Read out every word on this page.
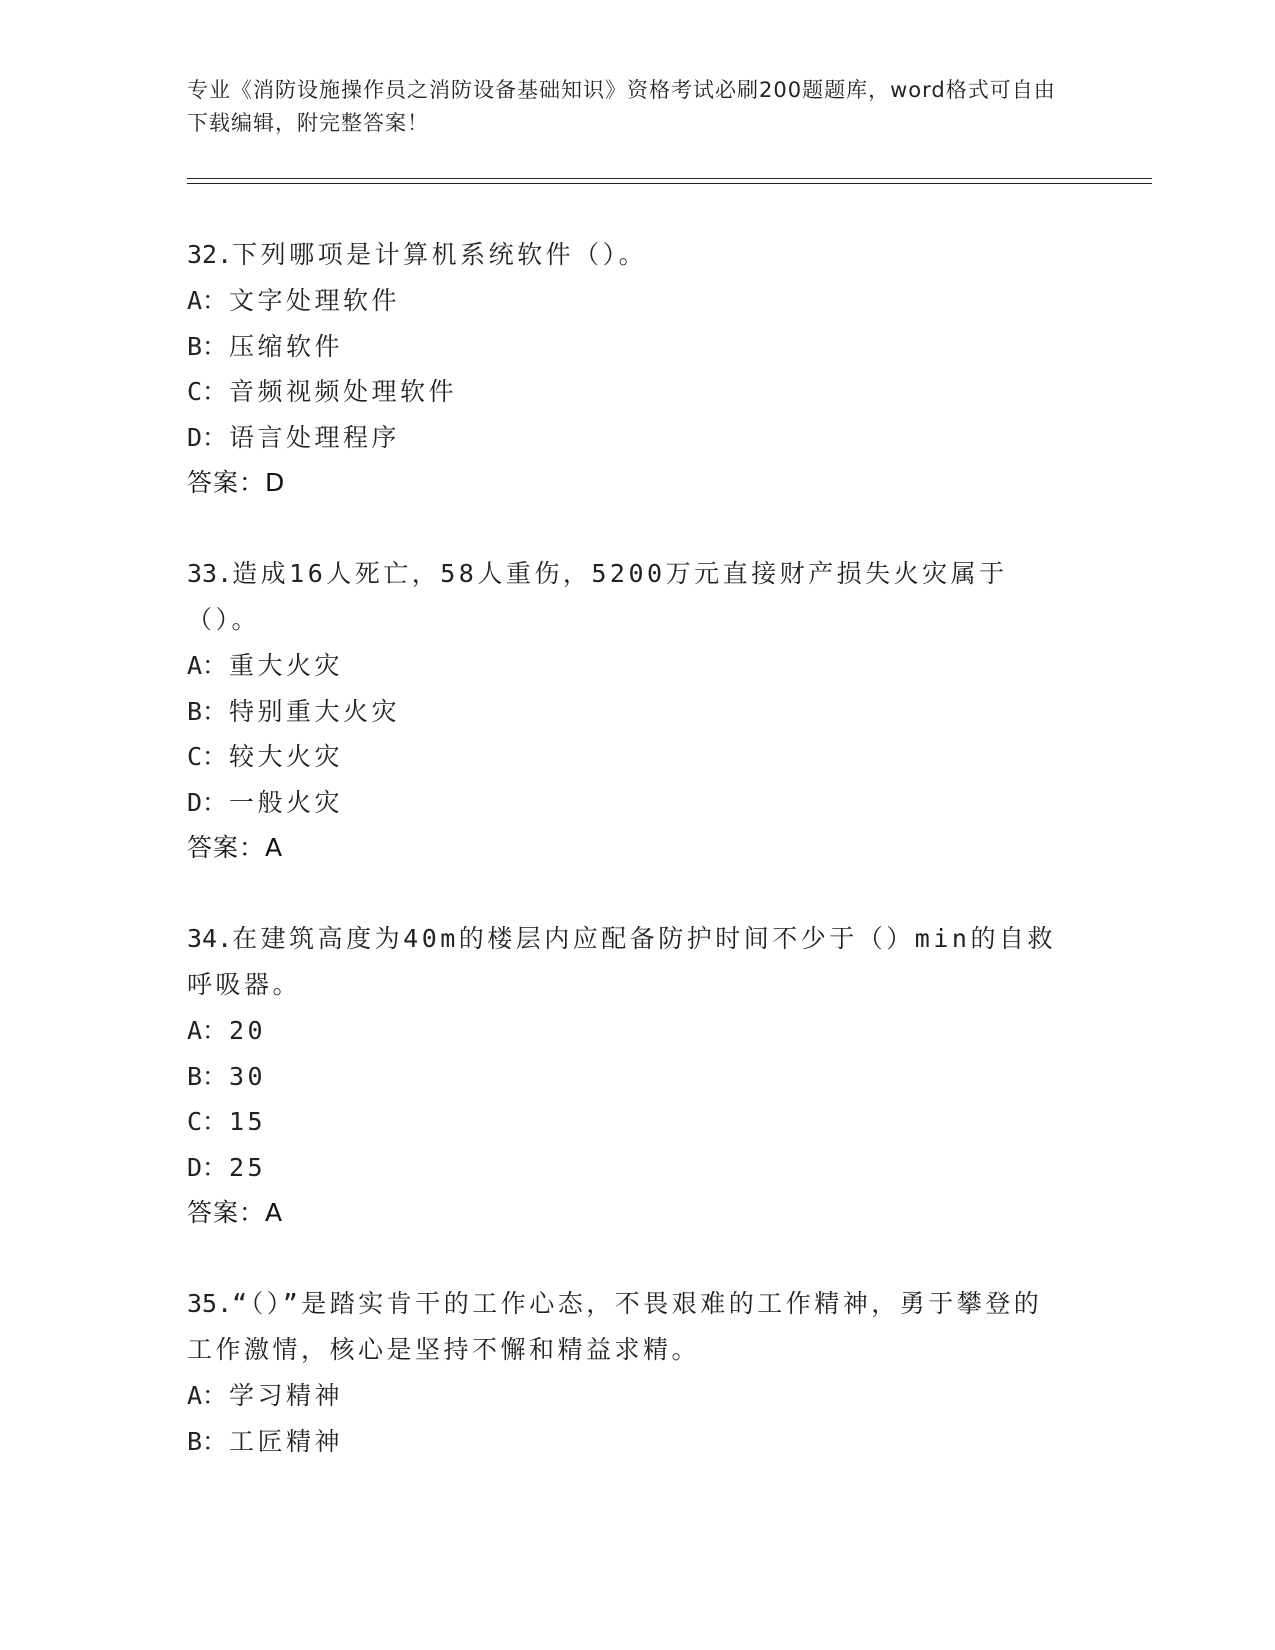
专业《消防设施操作员之消防设备基础知识》资格考试必刷200题题库，word格式可自由下载编辑，附完整答案！
32.下列哪项是计算机系统软件（）。
A：文字处理软件
B：压缩软件
C：音频视频处理软件
D：语言处理程序
答案：D
33.造成16人死亡，58人重伤，5200万元直接财产损失火灾属于（）。
A：重大火灾
B：特别重大火灾
C：较大火灾
D：一般火灾
答案：A
34.在建筑高度为40m的楼层内应配备防护时间不少于（）min的自救呼吸器。
A：20
B：30
C：15
D：25
答案：A
35.“（）”是踏实肯干的工作心态，不畏艰难的工作精神，勇于攀登的工作激情，核心是坚持不懈和精益求精。
A：学习精神
B：工匠精神
